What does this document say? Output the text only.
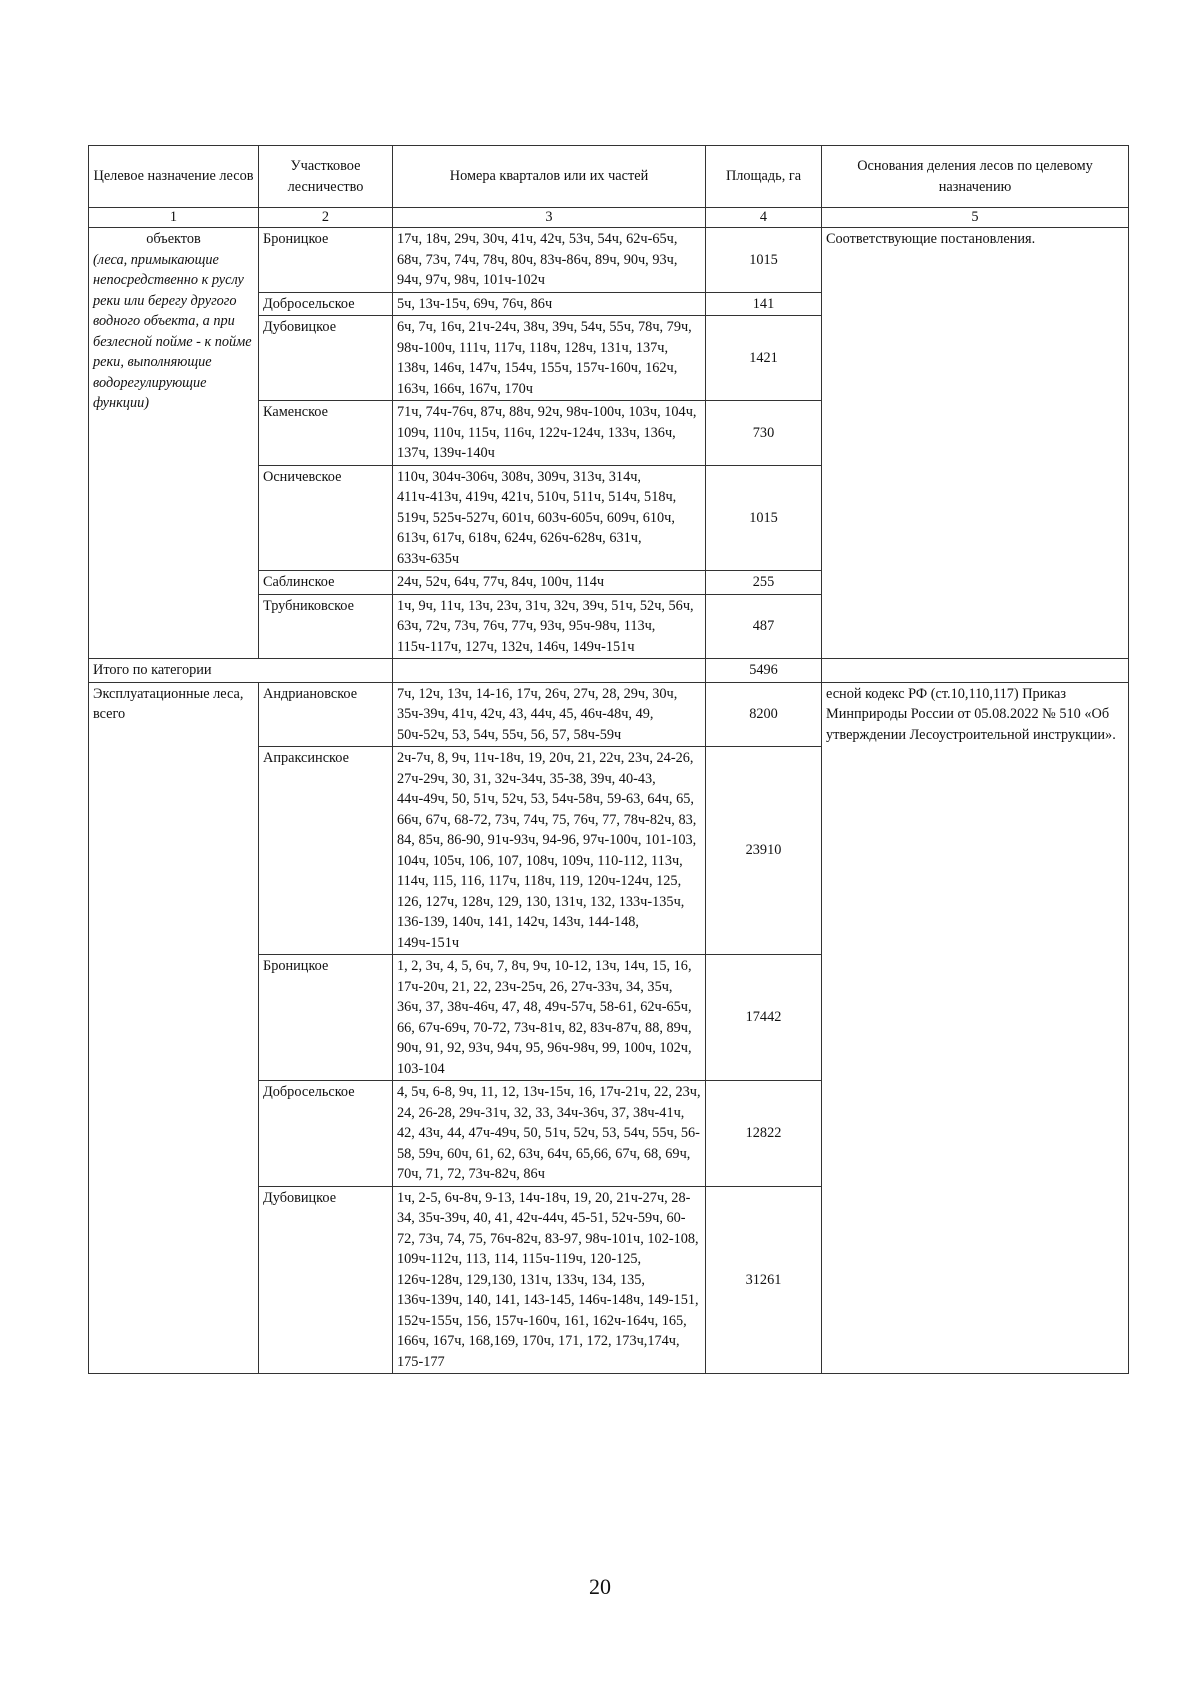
Целевое назначение лесов	Участковое лесничество	Номера кварталов или их частей	Площадь, га	Основания деления лесов по целевому назначению
1	2	3	4	5

объектов
(леса, примыкающие непосредственно к руслу реки или берегу другого водного объекта, а при безлесной пойме - к пойме реки, выполняющие водорегулирующие функции)	Броницкое	17ч, 18ч, 29ч, 30ч, 41ч, 42ч, 53ч, 54ч, 62ч-65ч, 68ч, 73ч, 74ч, 78ч, 80ч, 83ч-86ч, 89ч, 90ч, 93ч, 94ч, 97ч, 98ч, 101ч-102ч	1015	Соответствующие постановления.
	Добросельское	5ч, 13ч-15ч, 69ч, 76ч, 86ч	141	
	Дубовицкое	6ч, 7ч, 16ч, 21ч-24ч, 38ч, 39ч, 54ч, 55ч, 78ч, 79ч, 98ч-100ч, 111ч, 117ч, 118ч, 128ч, 131ч, 137ч, 138ч, 146ч, 147ч, 154ч, 155ч, 157ч-160ч, 162ч, 163ч, 166ч, 167ч, 170ч	1421	
	Каменское	71ч, 74ч-76ч, 87ч, 88ч, 92ч, 98ч-100ч, 103ч, 104ч, 109ч, 110ч, 115ч, 116ч, 122ч-124ч, 133ч, 136ч, 137ч, 139ч-140ч	730	
	Осничевское	110ч, 304ч-306ч, 308ч, 309ч, 313ч, 314ч, 411ч-413ч, 419ч, 421ч, 510ч, 511ч, 514ч, 518ч, 519ч, 525ч-527ч, 601ч, 603ч-605ч, 609ч, 610ч, 613ч, 617ч, 618ч, 624ч, 626ч-628ч, 631ч, 633ч-635ч	1015	
	Саблинское	24ч, 52ч, 64ч, 77ч, 84ч, 100ч, 114ч	255	
	Трубниковское	1ч, 9ч, 11ч, 13ч, 23ч, 31ч, 32ч, 39ч, 51ч, 52ч, 56ч, 63ч, 72ч, 73ч, 76ч, 77ч, 93ч, 95ч-98ч, 113ч, 115ч-117ч, 127ч, 132ч, 146ч, 149ч-151ч	487	
Итого по категории			5496	
Эксплуатационные леса, всего	Андриановское	7ч, 12ч, 13ч, 14-16, 17ч, 26ч, 27ч, 28, 29ч, 30ч, 35ч-39ч, 41ч, 42ч, 43, 44ч, 45, 46ч-48ч, 49, 50ч-52ч, 53, 54ч, 55ч, 56, 57, 58ч-59ч	8200	есной кодекс РФ (ст.10,110,117) Приказ Минприроды России от 05.08.2022 № 510 «Об утверждении Лесоустроительной инструкции».
	Апраксинское	2ч-7ч, 8, 9ч, 11ч-18ч, 19, 20ч, 21, 22ч, 23ч, 24-26, 27ч-29ч, 30, 31, 32ч-34ч, 35-38, 39ч, 40-43, 44ч-49ч, 50, 51ч, 52ч, 53, 54ч-58ч, 59-63, 64ч, 65, 66ч, 67ч, 68-72, 73ч, 74ч, 75, 76ч, 77, 78ч-82ч, 83, 84, 85ч, 86-90, 91ч-93ч, 94-96, 97ч-100ч, 101-103, 104ч, 105ч, 106, 107, 108ч, 109ч, 110-112, 113ч, 114ч, 115, 116, 117ч, 118ч, 119, 120ч-124ч, 125, 126, 127ч, 128ч, 129, 130, 131ч, 132, 133ч-135ч, 136-139, 140ч, 141, 142ч, 143ч, 144-148, 149ч-151ч	23910	
	Броницкое	1, 2, 3ч, 4, 5, 6ч, 7, 8ч, 9ч, 10-12, 13ч, 14ч, 15, 16, 17ч-20ч, 21, 22, 23ч-25ч, 26, 27ч-33ч, 34, 35ч, 36ч, 37, 38ч-46ч, 47, 48, 49ч-57ч, 58-61, 62ч-65ч, 66, 67ч-69ч, 70-72, 73ч-81ч, 82, 83ч-87ч, 88, 89ч, 90ч, 91, 92, 93ч, 94ч, 95, 96ч-98ч, 99, 100ч, 102ч, 103-104	17442	
	Добросельское	4, 5ч, 6-8, 9ч, 11, 12, 13ч-15ч, 16, 17ч-21ч, 22, 23ч, 24, 26-28, 29ч-31ч, 32, 33, 34ч-36ч, 37, 38ч-41ч, 42, 43ч, 44, 47ч-49ч, 50, 51ч, 52ч, 53, 54ч, 55ч, 56-58, 59ч, 60ч, 61, 62, 63ч, 64ч, 65,66, 67ч, 68, 69ч, 70ч, 71, 72, 73ч-82ч, 86ч	12822	
	Дубовицкое	1ч, 2-5, 6ч-8ч, 9-13, 14ч-18ч, 19, 20, 21ч-27ч, 28-34, 35ч-39ч, 40, 41, 42ч-44ч, 45-51, 52ч-59ч, 60-72, 73ч, 74, 75, 76ч-82ч, 83-97, 98ч-101ч, 102-108, 109ч-112ч, 113, 114, 115ч-119ч, 120-125, 126ч-128ч, 129,130, 131ч, 133ч, 134, 135, 136ч-139ч, 140, 141, 143-145, 146ч-148ч, 149-151, 152ч-155ч, 156, 157ч-160ч, 161, 162ч-164ч, 165, 166ч, 167ч, 168,169, 170ч, 171, 172, 173ч,174ч, 175-177	31261	
20
